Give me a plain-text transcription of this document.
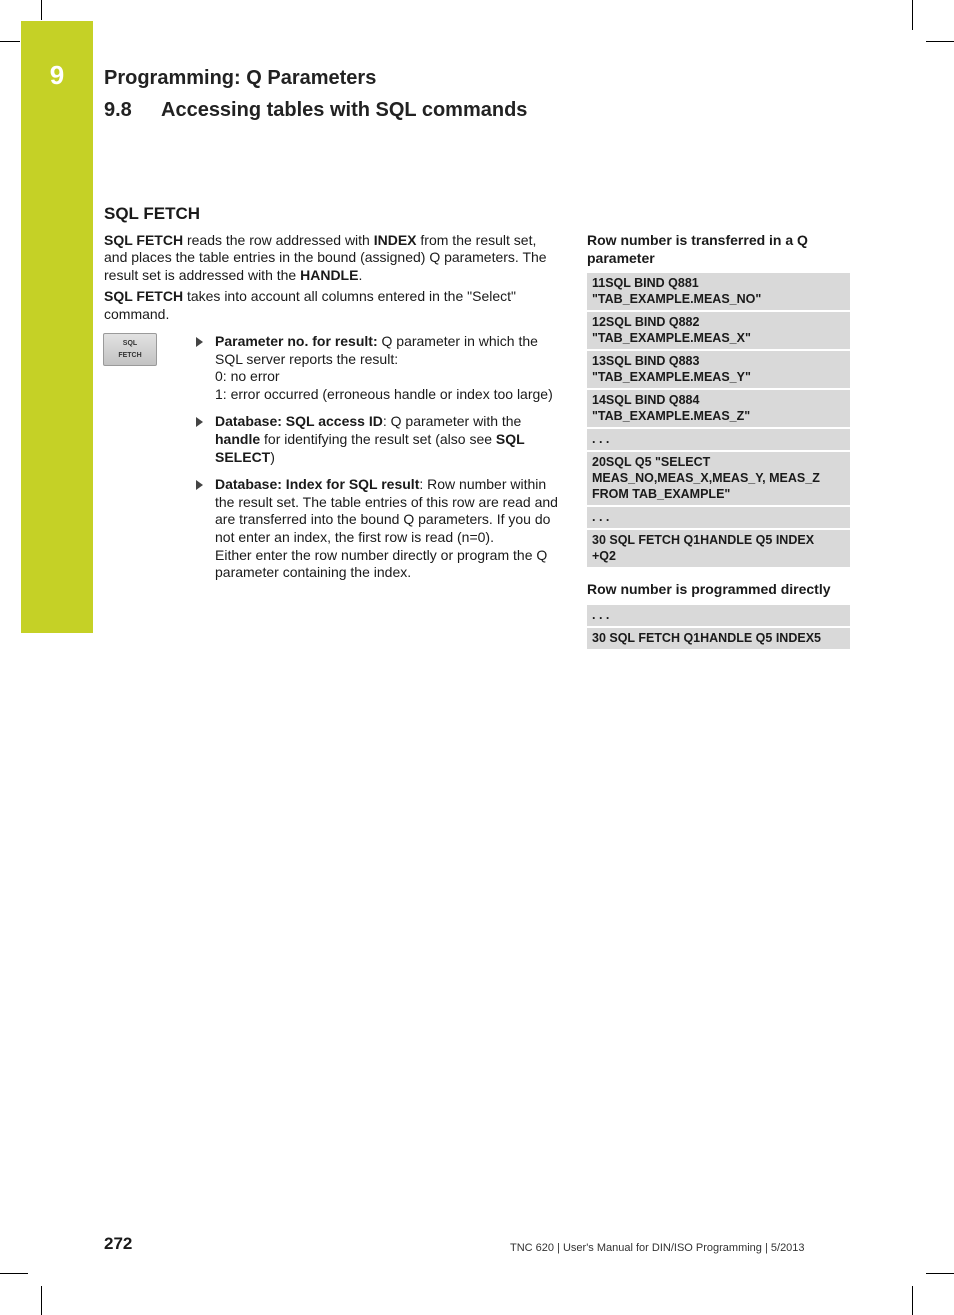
9	Programming: Q Parameters
9.8 Accessing tables with SQL commands
SQL FETCH

SQL FETCH reads the row addressed with INDEX from the result set, and places the table entries in the bound (assigned) Q parameters. The result set is addressed with the HANDLE.

SQL FETCH takes into account all columns entered in the "Select" command.

SQL
FETCH
Parameter no. for result: Q parameter in which the SQL server reports the result:
0: no error
1: error occurred (erroneous handle or index too large)
Database: SQL access ID: Q parameter with the handle for identifying the result set (also see SQL SELECT)
Database: Index for SQL result: Row number within the result set. The table entries of this row are read and are transferred into the bound Q parameters. If you do not enter an index, the first row is read (n=0).
Either enter the row number directly or program the Q parameter containing the index.
Row number is transferred in a Q parameter
11SQL BIND Q881
"TAB_EXAMPLE.MEAS_NO"
12SQL BIND Q882
"TAB_EXAMPLE.MEAS_X"
13SQL BIND Q883
"TAB_EXAMPLE.MEAS_Y"
14SQL BIND Q884
"TAB_EXAMPLE.MEAS_Z"
. . .
20SQL Q5 "SELECT
MEAS_NO,MEAS_X,MEAS_Y, MEAS_Z
FROM TAB_EXAMPLE"
. . .
30 SQL FETCH Q1HANDLE Q5 INDEX
+Q2
Row number is programmed directly
. . .
30 SQL FETCH Q1HANDLE Q5 INDEX5
272	TNC 620 | User's Manual for DIN/ISO Programming | 5/2013
